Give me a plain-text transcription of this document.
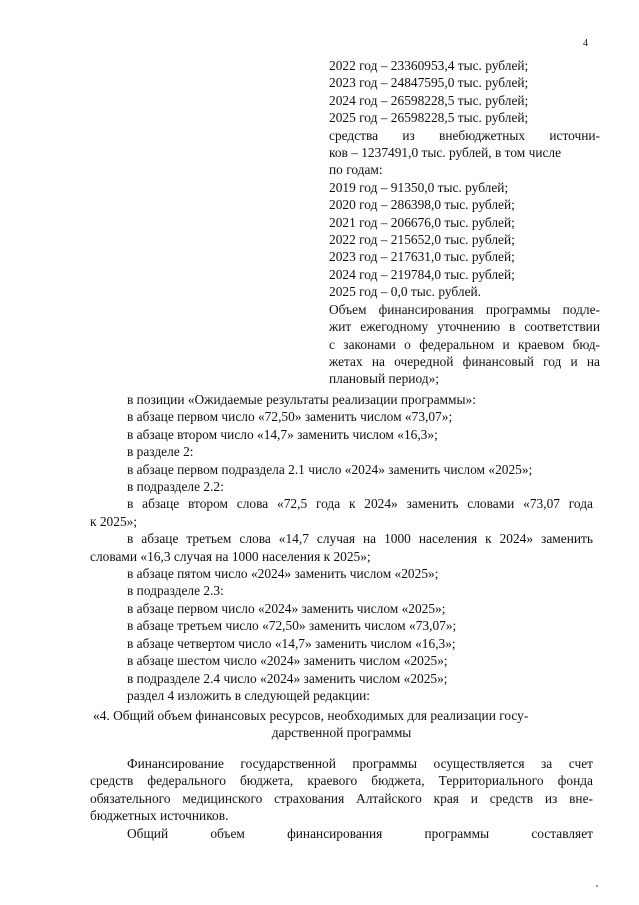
4
2022 год – 23360953,4 тыс. рублей;
2023 год – 24847595,0 тыс. рублей;
2024 год – 26598228,5 тыс. рублей;
2025 год – 26598228,5 тыс. рублей;
средства из внебюджетных источни-
ков – 1237491,0 тыс. рублей, в том числе
по годам:
2019 год – 91350,0 тыс. рублей;
2020 год – 286398,0 тыс. рублей;
2021 год – 206676,0 тыс. рублей;
2022 год – 215652,0 тыс. рублей;
2023 год – 217631,0 тыс. рублей;
2024 год – 219784,0 тыс. рублей;
2025 год – 0,0 тыс. рублей.
Объем финансирования программы подле-
жит ежегодному уточнению в соответствии
с законами о федеральном и краевом бюд-
жетах на очередной финансовый год и на
плановый период»;
в позиции «Ожидаемые результаты реализации программы»:
в абзаце первом число «72,50» заменить числом «73,07»;
в абзаце втором число «14,7» заменить числом «16,3»;
в разделе 2:
в абзаце первом подраздела 2.1 число «2024» заменить числом «2025»;
в подразделе 2.2:
в абзаце втором слова «72,5 года к 2024» заменить словами «73,07 года
к 2025»;
в абзаце третьем слова «14,7 случая на 1000 населения к 2024» заменить
словами «16,3 случая на 1000 населения к 2025»;
в абзаце пятом число «2024» заменить числом «2025»;
в подразделе 2.3:
в абзаце первом число «2024» заменить числом «2025»;
в абзаце третьем число «72,50» заменить числом «73,07»;
в абзаце четвертом число «14,7» заменить числом «16,3»;
в абзаце шестом число «2024» заменить числом «2025»;
в подразделе 2.4 число «2024» заменить числом «2025»;
раздел 4 изложить в следующей редакции:
«4. Общий объем финансовых ресурсов, необходимых для реализации госу-
дарственной программы
Финансирование государственной программы осуществляется за счет
средств федерального бюджета, краевого бюджета, Территориального фонда
обязательного медицинского страхования Алтайского края и средств из вне-
бюджетных источников.
Общий объем финансирования программы составляет
